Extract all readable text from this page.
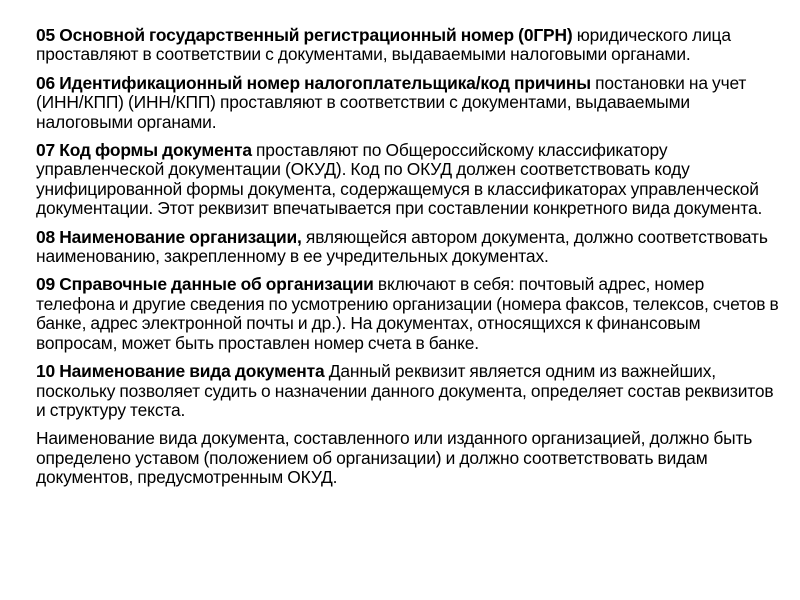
05 Основной государственный регистрационный номер (0ГРН) юридического лица проставляют в соответствии с документами, выдаваемыми налоговыми органами.

06 Идентификационный номер налогоплательщика/код причины постановки на учет (ИНН/КПП) (ИНН/КПП) проставляют в соответствии с документами, выдаваемыми налоговыми органами.

07 Код формы документа проставляют по Общероссийскому классификатору управленческой документации (ОКУД). Код по ОКУД должен соответствовать коду унифицированной формы документа, содержащемуся в классификаторах управленческой документации. Этот реквизит впечатывается при составлении конкретного вида документа.

08 Наименование организации, являющейся автором документа, должно соответствовать наименованию, закрепленному в ее учредительных документах.

09 Справочные данные об организации включают в себя: почтовый адрес, номер телефона и другие сведения по усмотрению организации (номера факсов, телексов, счетов в банке, адрес электронной почты и др.). На документах, относящихся к финансовым вопросам, может быть проставлен номер счета в банке.

10 Наименование вида документа Данный реквизит является одним из важнейших, поскольку позволяет судить о назначении данного документа, определяет состав реквизитов и структуру текста.

Наименование вида документа, составленного или изданного организацией, должно быть определено уставом (положением об организации) и должно соответствовать видам документов, предусмотренным ОКУД.
